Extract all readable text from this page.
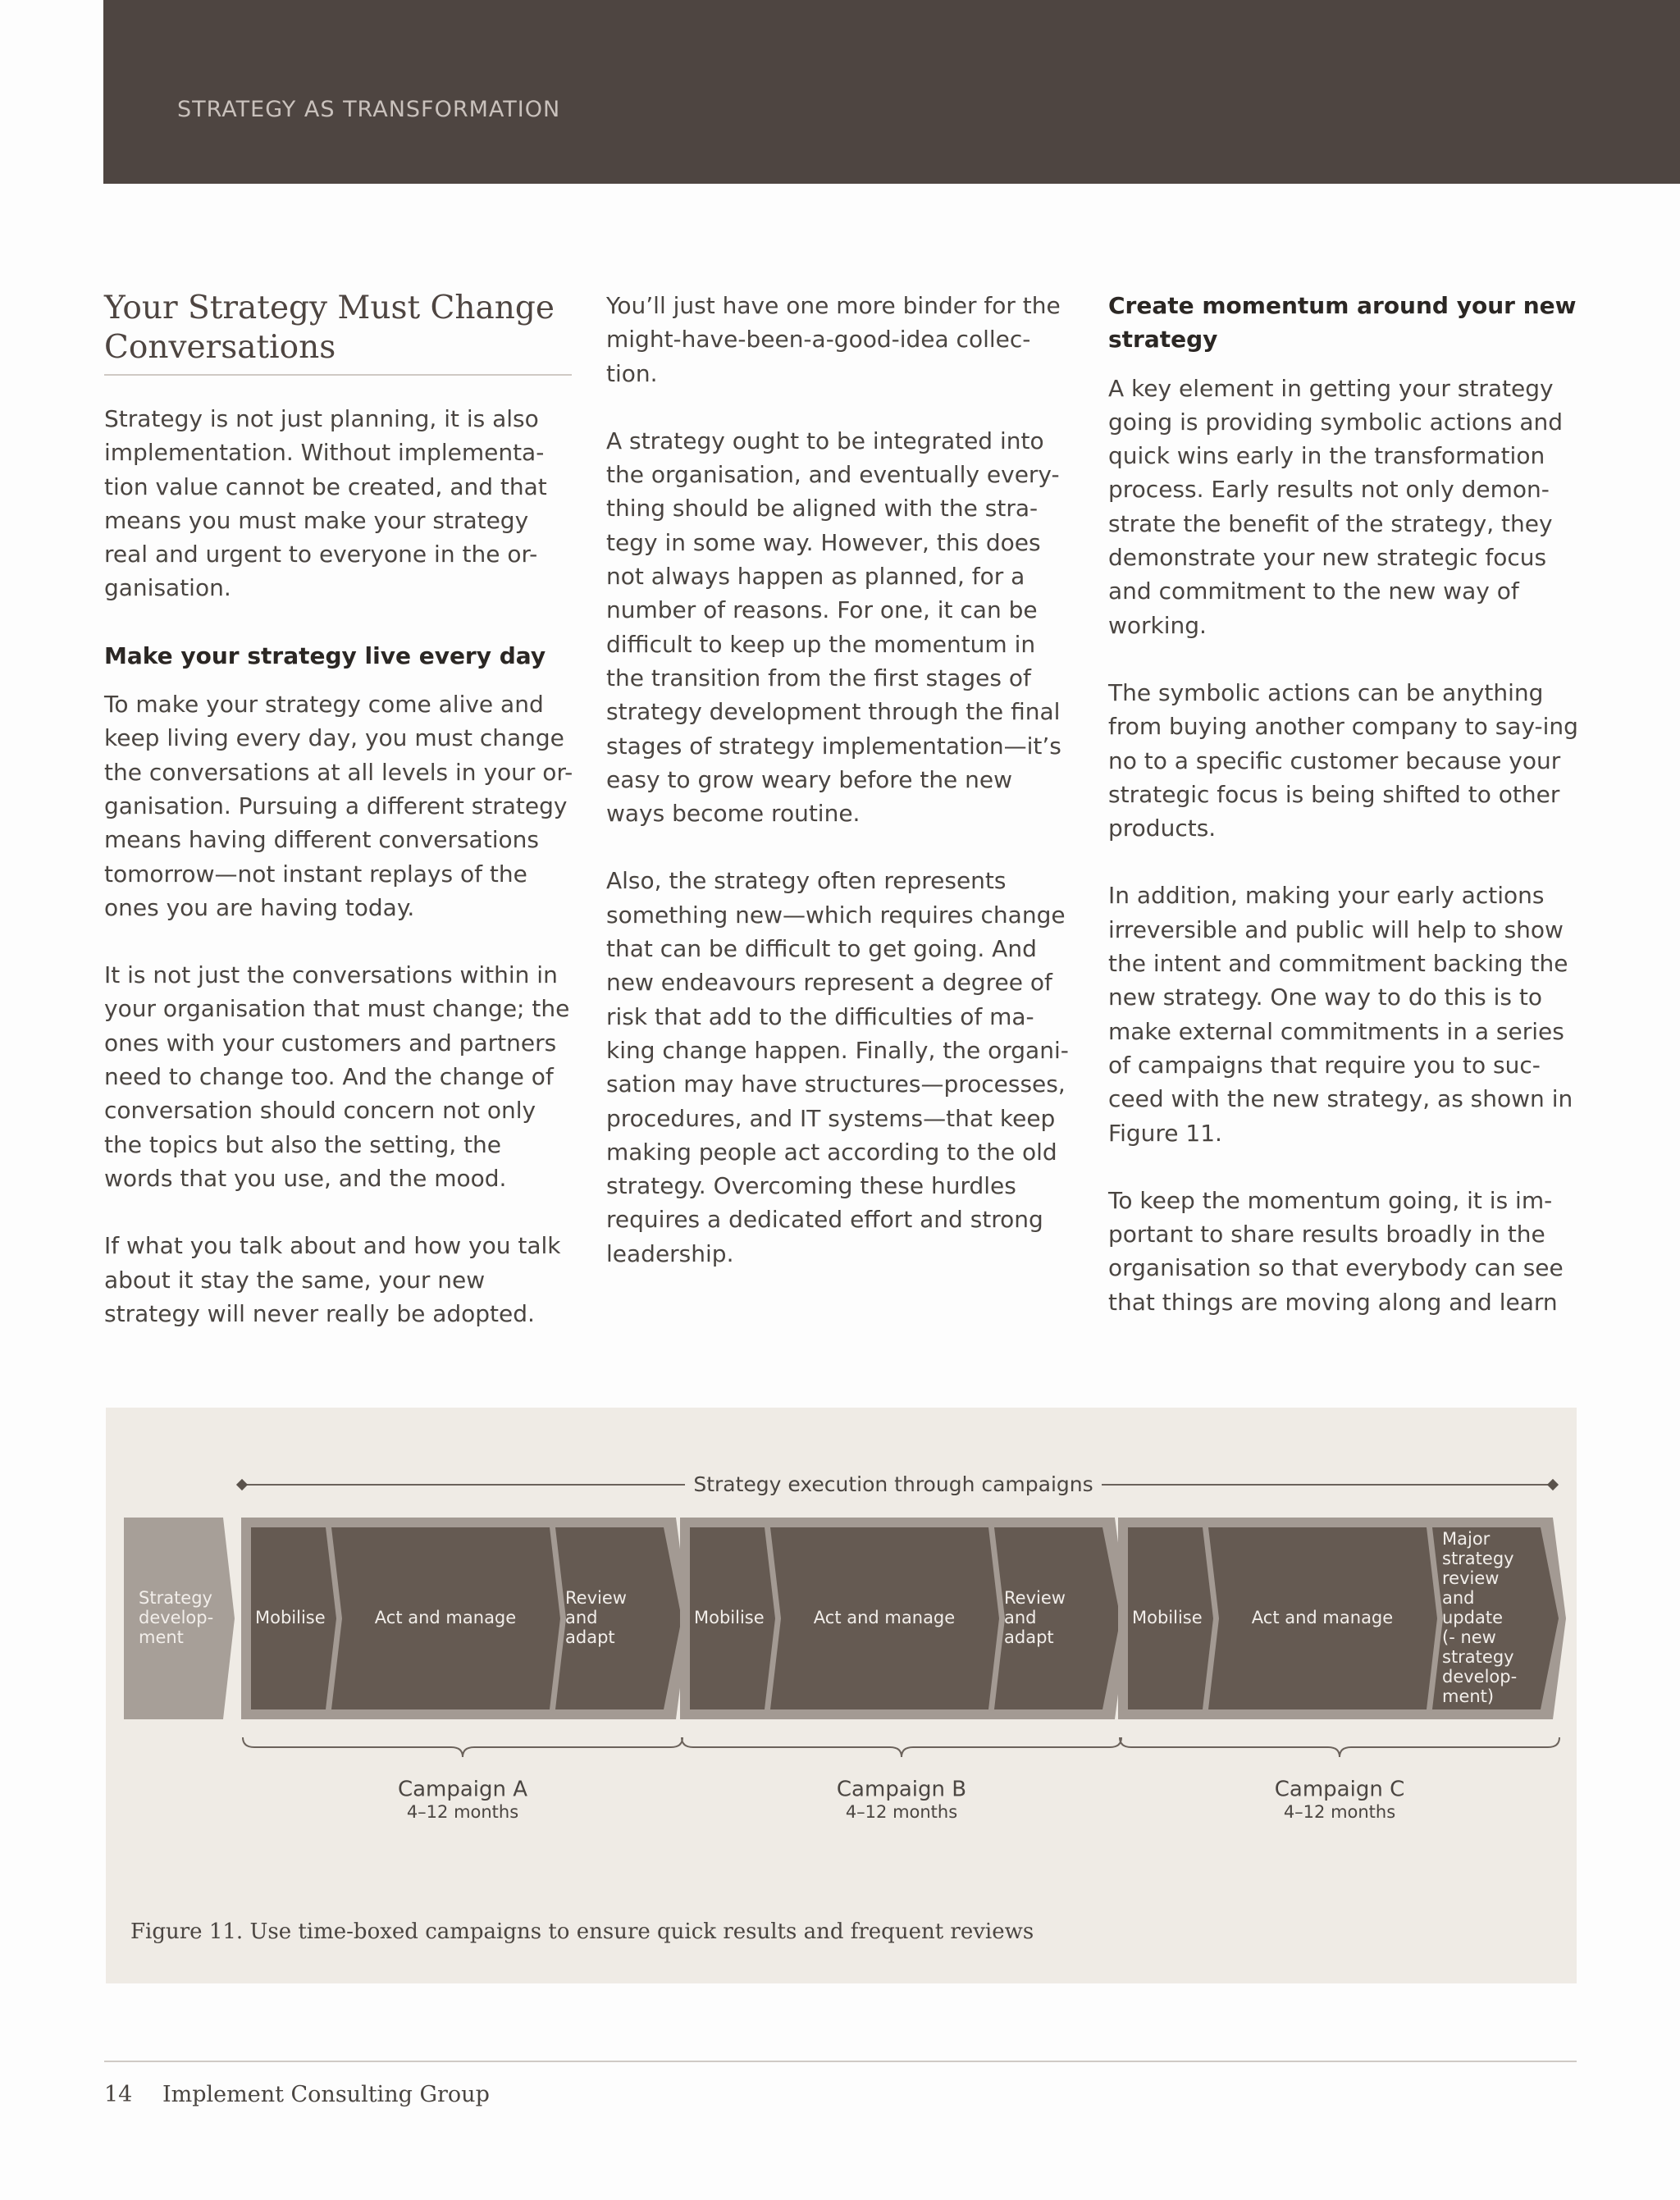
STRATEGY AS TRANSFORMATION
Your Strategy Must Change Conversations

Strategy is not just planning, it is also implementation. Without implementa-tion value cannot be created, and that means you must make your strategy real and urgent to everyone in the or-ganisation.

Make your strategy live every day

To make your strategy come alive and keep living every day, you must change the conversations at all levels in your or-ganisation. Pursuing a different strategy means having different conversations tomorrow—not instant replays of the ones you are having today.

It is not just the conversations within in your organisation that must change; the ones with your customers and partners need to change too. And the change of conversation should concern not only the topics but also the setting, the words that you use, and the mood.

If what you talk about and how you talk about it stay the same, your new strategy will never really be adopted.

You’ll just have one more binder for the might-have-been-a-good-idea collec-tion.

A strategy ought to be integrated into the organisation, and eventually every-thing should be aligned with the stra-tegy in some way. However, this does not always happen as planned, for a number of reasons. For one, it can be difficult to keep up the momentum in the transition from the first stages of strategy development through the final stages of strategy implementation—it’s easy to grow weary before the new ways become routine.

Also, the strategy often represents something new—which requires change that can be difficult to get going. And new endeavours represent a degree of risk that add to the difficulties of ma-king change happen. Finally, the organi-sation may have structures—processes, procedures, and IT systems—that keep making people act according to the old strategy. Overcoming these hurdles requires a dedicated effort and strong leadership.

Create momentum around your new strategy

A key element in getting your strategy going is providing symbolic actions and quick wins early in the transformation process. Early results not only demon-strate the benefit of the strategy, they demonstrate your new strategic focus and commitment to the new way of working.

The symbolic actions can be anything from buying another company to say-ing no to a specific customer because your strategic focus is being shifted to other products.

In addition, making your early actions irreversible and public will help to show the intent and commitment backing the new strategy. One way to do this is to make external commitments in a series of campaigns that require you to suc-ceed with the new strategy, as shown in Figure 11.

To keep the momentum going, it is im-portant to share results broadly in the organisation so that everybody can see that things are moving along and learn

Strategy execution through campaigns
Strategy develop-ment
Mobilise	Act and manage
Review and adapt
Campaign A
4–12 months
Mobilise	Act and manage
Review and adapt
Campaign B
4–12 months
Mobilise	Act and manage
Major strategy review and update (- new strategy develop-ment)
Campaign C
4–12 months
Figure 11. Use time-boxed campaigns to ensure quick results and frequent reviews
14 Implement Consulting Group
